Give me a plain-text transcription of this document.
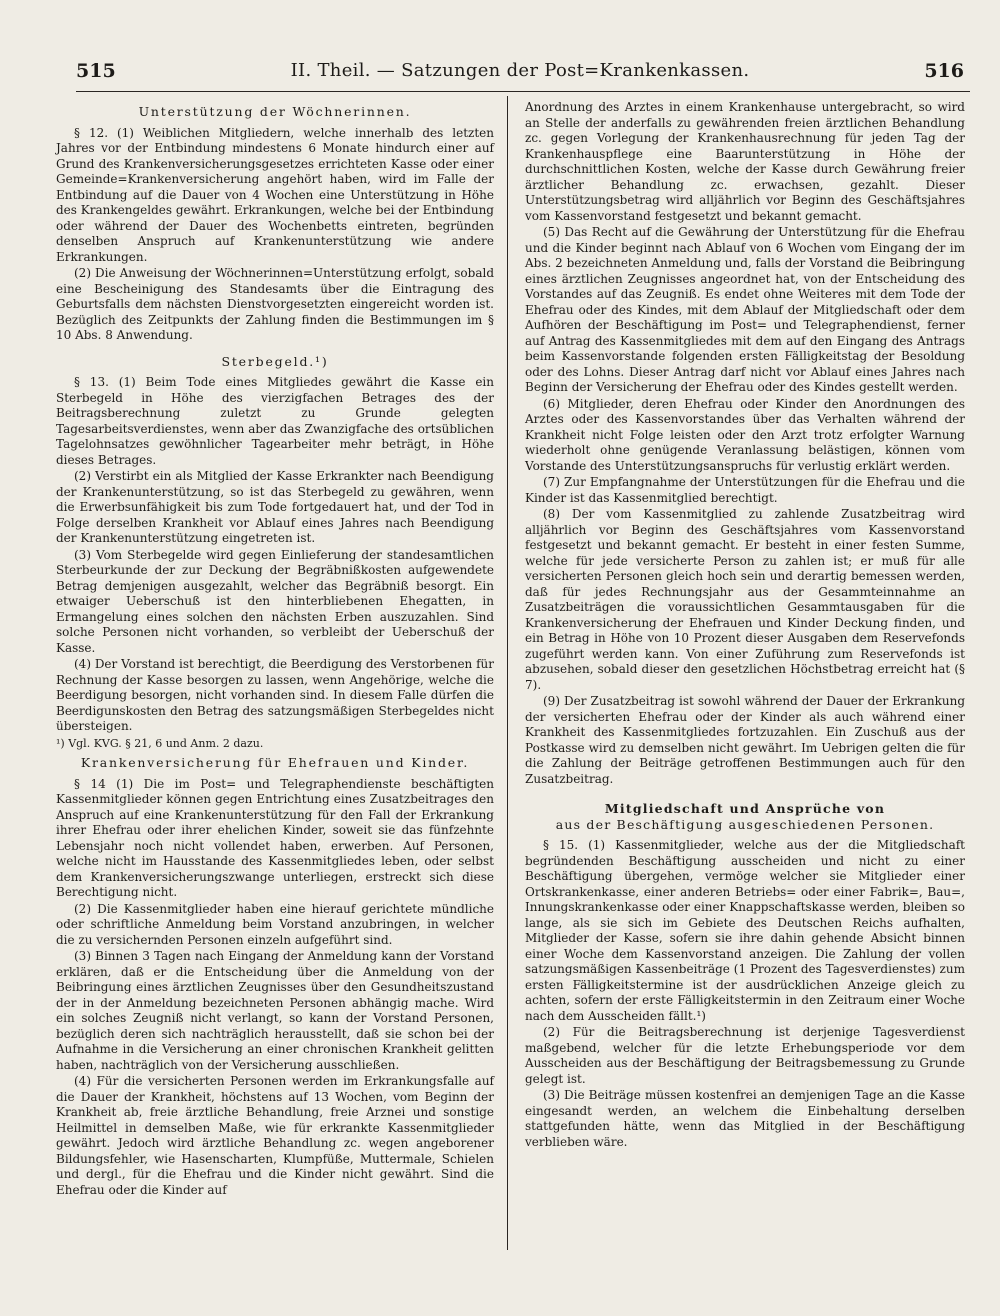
515	II. Theil. — Satzungen der Post=Krankenkassen.	516
Unterstützung der Wöchnerinnen.

§ 12. (1) Weiblichen Mitgliedern, welche innerhalb des letzten Jahres vor der Entbindung mindestens 6 Monate hindurch einer auf Grund des Krankenversicherungsgesetzes errichteten Kasse oder einer Gemeinde=Krankenversicherung angehört haben, wird im Falle der Entbindung auf die Dauer von 4 Wochen eine Unterstützung in Höhe des Krankengeldes gewährt. Erkrankungen, welche bei der Entbindung oder während der Dauer des Wochenbetts eintreten, begründen denselben Anspruch auf Krankenunterstützung wie andere Erkrankungen.

(2) Die Anweisung der Wöchnerinnen=Unterstützung erfolgt, sobald eine Bescheinigung des Standesamts über die Eintragung des Geburtsfalls dem nächsten Dienstvorgesetzten eingereicht worden ist. Bezüglich des Zeitpunkts der Zahlung finden die Bestimmungen im § 10 Abs. 8 Anwendung.

Sterbegeld.¹)

§ 13. (1) Beim Tode eines Mitgliedes gewährt die Kasse ein Sterbegeld in Höhe des vierzigfachen Betrages des der Beitragsberechnung zuletzt zu Grunde gelegten Tagesarbeitsverdienstes, wenn aber das Zwanzigfache des ortsüblichen Tagelohnsatzes gewöhnlicher Tagearbeiter mehr beträgt, in Höhe dieses Betrages.

(2) Verstirbt ein als Mitglied der Kasse Erkrankter nach Beendigung der Krankenunterstützung, so ist das Sterbegeld zu gewähren, wenn die Erwerbsunfähigkeit bis zum Tode fortgedauert hat, und der Tod in Folge derselben Krankheit vor Ablauf eines Jahres nach Beendigung der Krankenunterstützung eingetreten ist.

(3) Vom Sterbegelde wird gegen Einlieferung der standesamtlichen Sterbeurkunde der zur Deckung der Begräbnißkosten aufgewendete Betrag demjenigen ausgezahlt, welcher das Begräbniß besorgt. Ein etwaiger Ueberschuß ist den hinterbliebenen Ehegatten, in Ermangelung eines solchen den nächsten Erben auszuzahlen. Sind solche Personen nicht vorhanden, so verbleibt der Ueberschuß der Kasse.

(4) Der Vorstand ist berechtigt, die Beerdigung des Verstorbenen für Rechnung der Kasse besorgen zu lassen, wenn Angehörige, welche die Beerdigung besorgen, nicht vorhanden sind. In diesem Falle dürfen die Beerdigunskosten den Betrag des satzungsmäßigen Sterbegeldes nicht übersteigen.

¹) Vgl. KVG. § 21, 6 und Anm. 2 dazu.

Krankenversicherung für Ehefrauen und Kinder.

§ 14 (1) Die im Post= und Telegraphendienste beschäftigten Kassenmitglieder können gegen Entrichtung eines Zusatzbeitrages den Anspruch auf eine Krankenunterstützung für den Fall der Erkrankung ihrer Ehefrau oder ihrer ehelichen Kinder, soweit sie das fünfzehnte Lebensjahr noch nicht vollendet haben, erwerben. Auf Personen, welche nicht im Hausstande des Kassenmitgliedes leben, oder selbst dem Krankenversicherungszwange unterliegen, erstreckt sich diese Berechtigung nicht.

(2) Die Kassenmitglieder haben eine hierauf gerichtete mündliche oder schriftliche Anmeldung beim Vorstand anzubringen, in welcher die zu versichernden Personen einzeln aufgeführt sind.

(3) Binnen 3 Tagen nach Eingang der Anmeldung kann der Vorstand erklären, daß er die Entscheidung über die Anmeldung von der Beibringung eines ärztlichen Zeugnisses über den Gesundheitszustand der in der Anmeldung bezeichneten Personen abhängig mache. Wird ein solches Zeugniß nicht verlangt, so kann der Vorstand Personen, bezüglich deren sich nachträglich herausstellt, daß sie schon bei der Aufnahme in die Versicherung an einer chronischen Krankheit gelitten haben, nachträglich von der Versicherung ausschließen.

(4) Für die versicherten Personen werden im Erkrankungsfalle auf die Dauer der Krankheit, höchstens auf 13 Wochen, vom Beginn der Krankheit ab, freie ärztliche Behandlung, freie Arznei und sonstige Heilmittel in demselben Maße, wie für erkrankte Kassenmitglieder gewährt. Jedoch wird ärztliche Behandlung zc. wegen angeborener Bildungsfehler, wie Hasenscharten, Klumpfüße, Muttermale, Schielen und dergl., für die Ehefrau und die Kinder nicht gewährt. Sind die Ehefrau oder die Kinder auf

Anordnung des Arztes in einem Krankenhause untergebracht, so wird an Stelle der anderfalls zu gewährenden freien ärztlichen Behandlung zc. gegen Vorlegung der Krankenhausrechnung für jeden Tag der Krankenhauspflege eine Baarunterstützung in Höhe der durchschnittlichen Kosten, welche der Kasse durch Gewährung freier ärztlicher Behandlung zc. erwachsen, gezahlt. Dieser Unterstützungsbetrag wird alljährlich vor Beginn des Geschäftsjahres vom Kassenvorstand festgesetzt und bekannt gemacht.

(5) Das Recht auf die Gewährung der Unterstützung für die Ehefrau und die Kinder beginnt nach Ablauf von 6 Wochen vom Eingang der im Abs. 2 bezeichneten Anmeldung und, falls der Vorstand die Beibringung eines ärztlichen Zeugnisses angeordnet hat, von der Entscheidung des Vorstandes auf das Zeugniß. Es endet ohne Weiteres mit dem Tode der Ehefrau oder des Kindes, mit dem Ablauf der Mitgliedschaft oder dem Aufhören der Beschäftigung im Post= und Telegraphendienst, ferner auf Antrag des Kassenmitgliedes mit dem auf den Eingang des Antrags beim Kassenvorstande folgenden ersten Fälligkeitstag der Besoldung oder des Lohns. Dieser Antrag darf nicht vor Ablauf eines Jahres nach Beginn der Versicherung der Ehefrau oder des Kindes gestellt werden.

(6) Mitglieder, deren Ehefrau oder Kinder den Anordnungen des Arztes oder des Kassenvorstandes über das Verhalten während der Krankheit nicht Folge leisten oder den Arzt trotz erfolgter Warnung wiederholt ohne genügende Veranlassung belästigen, können vom Vorstande des Unterstützungsanspruchs für verlustig erklärt werden.

(7) Zur Empfangnahme der Unterstützungen für die Ehefrau und die Kinder ist das Kassenmitglied berechtigt.

(8) Der vom Kassenmitglied zu zahlende Zusatzbeitrag wird alljährlich vor Beginn des Geschäftsjahres vom Kassenvorstand festgesetzt und bekannt gemacht. Er besteht in einer festen Summe, welche für jede versicherte Person zu zahlen ist; er muß für alle versicherten Personen gleich hoch sein und derartig bemessen werden, daß für jedes Rechnungsjahr aus der Gesammteinnahme an Zusatzbeiträgen die voraussichtlichen Gesammtausgaben für die Krankenversicherung der Ehefrauen und Kinder Deckung finden, und ein Betrag in Höhe von 10 Prozent dieser Ausgaben dem Reservefonds zugeführt werden kann. Von einer Zuführung zum Reservefonds ist abzusehen, sobald dieser den gesetzlichen Höchstbetrag erreicht hat (§ 7).

(9) Der Zusatzbeitrag ist sowohl während der Dauer der Erkrankung der versicherten Ehefrau oder der Kinder als auch während einer Krankheit des Kassenmitgliedes fortzuzahlen. Ein Zuschuß aus der Postkasse wird zu demselben nicht gewährt. Im Uebrigen gelten die für die Zahlung der Beiträge getroffenen Bestimmungen auch für den Zusatzbeitrag.

Mitgliedschaft und Ansprüche von
aus der Beschäftigung ausgeschiedenen Personen.

§ 15. (1) Kassenmitglieder, welche aus der die Mitgliedschaft begründenden Beschäftigung ausscheiden und nicht zu einer Beschäftigung übergehen, vermöge welcher sie Mitglieder einer Ortskrankenkasse, einer anderen Betriebs= oder einer Fabrik=, Bau=, Innungskrankenkasse oder einer Knappschaftskasse werden, bleiben so lange, als sie sich im Gebiete des Deutschen Reichs aufhalten, Mitglieder der Kasse, sofern sie ihre dahin gehende Absicht binnen einer Woche dem Kassenvorstand anzeigen. Die Zahlung der vollen satzungsmäßigen Kassenbeiträge (1 Prozent des Tagesverdienstes) zum ersten Fälligkeitstermine ist der ausdrücklichen Anzeige gleich zu achten, sofern der erste Fälligkeitstermin in den Zeitraum einer Woche nach dem Ausscheiden fällt.¹)

(2) Für die Beitragsberechnung ist derjenige Tagesverdienst maßgebend, welcher für die letzte Erhebungsperiode vor dem Ausscheiden aus der Beschäftigung der Beitragsbemessung zu Grunde gelegt ist.

(3) Die Beiträge müssen kostenfrei an demjenigen Tage an die Kasse eingesandt werden, an welchem die Einbehaltung derselben stattgefunden hätte, wenn das Mitglied in der Beschäftigung verblieben wäre.
